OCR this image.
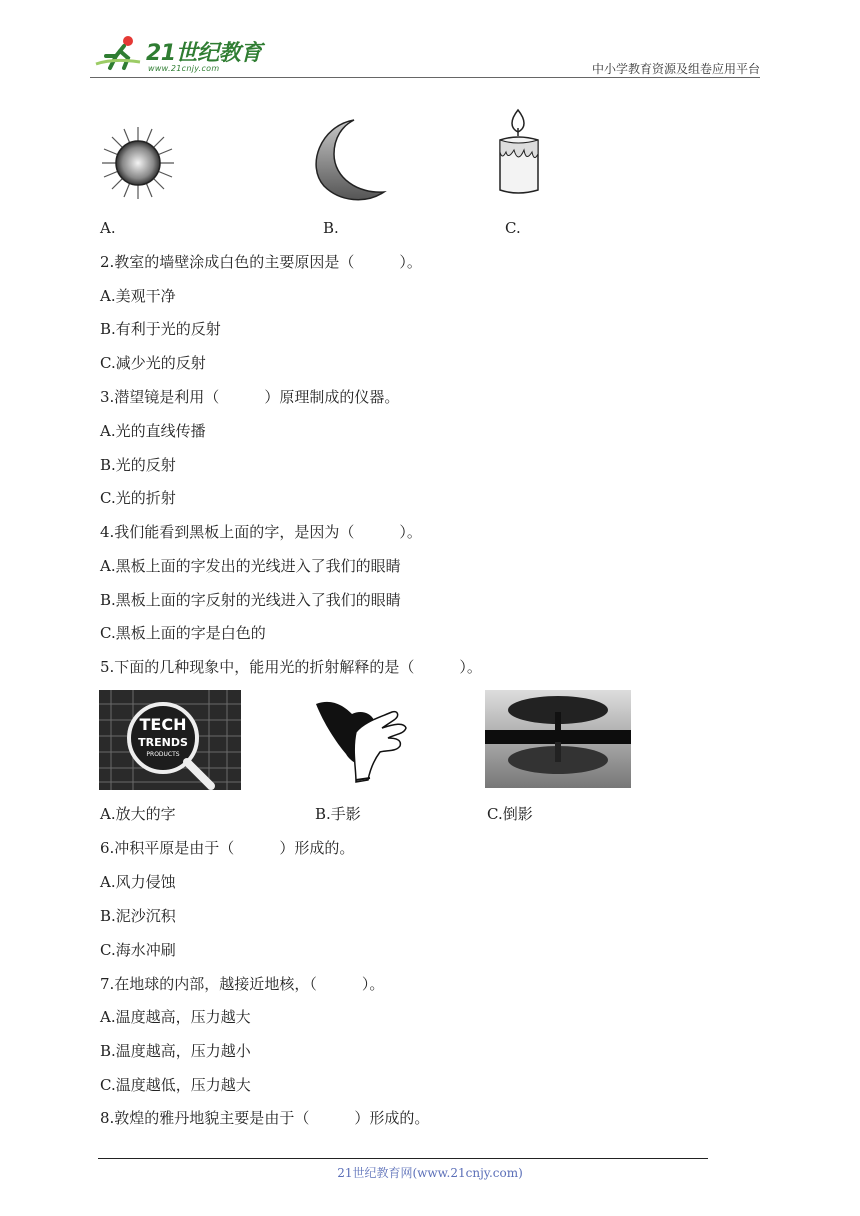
21世纪教育
www.21cnjy.com	中小学教育资源及组卷应用平台
A.	B.	C.
2.教室的墙壁涂成白色的主要原因是（　　　）。
A.美观干净
B.有利于光的反射
C.减少光的反射
3.潜望镜是利用（　　　）原理制成的仪器。
A.光的直线传播
B.光的反射
C.光的折射
4.我们能看到黑板上面的字，是因为（　　　）。
A.黑板上面的字发出的光线进入了我们的眼睛
B.黑板上面的字反射的光线进入了我们的眼睛
C.黑板上面的字是白色的
5.下面的几种现象中，能用光的折射解释的是（　　　）。
TECH
TRENDS
PRODUCTS
A.放大的字	B.手影	C.倒影
6.冲积平原是由于（　　　）形成的。
A.风力侵蚀
B.泥沙沉积
C.海水冲刷
7.在地球的内部，越接近地核，（　　　）。
A.温度越高，压力越大
B.温度越高，压力越小
C.温度越低，压力越大
8.敦煌的雅丹地貌主要是由于（　　　）形成的。
21世纪教育网(www.21cnjy.com)
